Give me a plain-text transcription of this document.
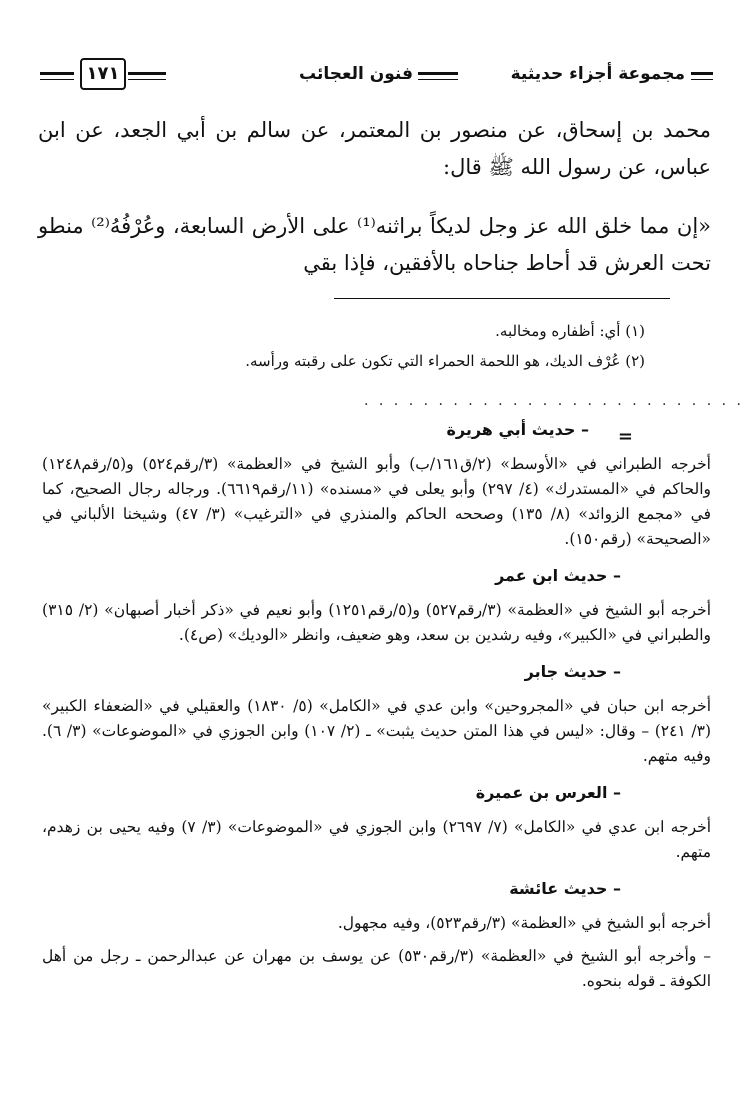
مجموعة أجزاء حديثية
فنون العجائب
١٧١

محمد بن إسحاق، عن منصور بن المعتمر، عن سالم بن أبي الجعد، عن ابن عباس، عن رسول الله ﷺ قال:

«إن مما خلق الله عز وجل لديكاً براثنه⁽¹⁾ على الأرض السابعة، وعُرْفُهُ⁽²⁾ منطو تحت العرش قد أحاط جناحاه بالأفقين، فإذا بقي

(١) أي: أظفاره ومخالبه.
(٢) عُرْف الديك، هو اللحمة الحمراء التي تكون على رقبته ورأسه.
. . . . . . . . . . . . . . . . . . . . . . . . . .
=
– حديث أبي هريرة

أخرجه الطبراني في «الأوسط» (٢/ق١٦١/ب) وأبو الشيخ في «العظمة» (٣/رقم٥٢٤) و(٥/رقم١٢٤٨) والحاكم في «المستدرك» (٤/ ٢٩٧) وأبو يعلى في «مسنده» (١١/رقم٦٦١٩). ورجاله رجال الصحيح، كما في «مجمع الزوائد» (٨/ ١٣٥) وصححه الحاكم والمنذري في «الترغيب» (٣/ ٤٧) وشيخنا الألباني في «الصحيحة» (رقم١٥٠).

– حديث ابن عمر

أخرجه أبو الشيخ في «العظمة» (٣/رقم٥٢٧) و(٥/رقم١٢٥١) وأبو نعيم في «ذكر أخبار أصبهان» (٢/ ٣١٥) والطبراني في «الكبير»، وفيه رشدين بن سعد، وهو ضعيف، وانظر «الوديك» (ص٤).

– حديث جابر

أخرجه ابن حبان في «المجروحين» وابن عدي في «الكامل» (٥/ ١٨٣٠) والعقيلي في «الضعفاء الكبير» (٣/ ٢٤١) – وقال: «ليس في هذا المتن حديث يثبت» ـ (٢/ ١٠٧) وابن الجوزي في «الموضوعات» (٣/ ٦). وفيه متهم.

– العرس بن عميرة

أخرجه ابن عدي في «الكامل» (٧/ ٢٦٩٧) وابن الجوزي في «الموضوعات» (٣/ ٧) وفيه يحيى بن زهدم، متهم.

– حديث عائشة

أخرجه أبو الشيخ في «العظمة» (٣/رقم٥٢٣)، وفيه مجهول.

– وأخرجه أبو الشيخ في «العظمة» (٣/رقم٥٣٠) عن يوسف بن مهران عن عبدالرحمن ـ رجل من أهل الكوفة ـ قوله بنحوه.
